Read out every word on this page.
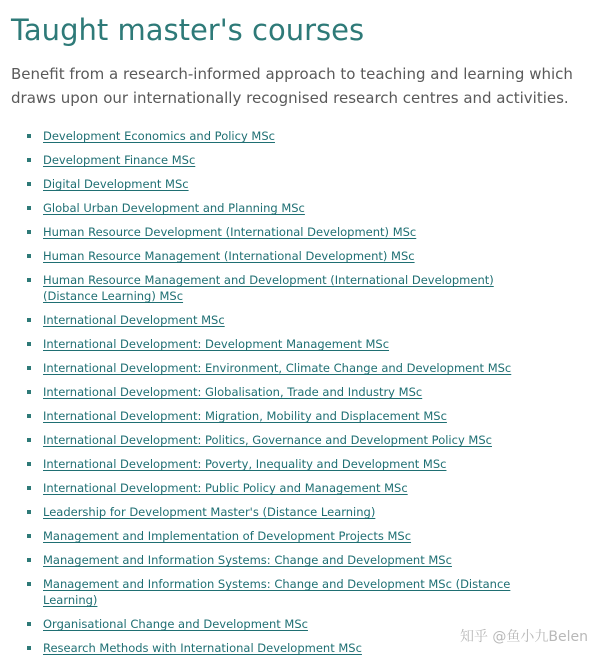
Taught master's courses

Benefit from a research-informed approach to teaching and learning which draws upon our internationally recognised research centres and activities.

Development Economics and Policy MSc
Development Finance MSc
Digital Development MSc
Global Urban Development and Planning MSc
Human Resource Development (International Development) MSc
Human Resource Management (International Development) MSc
Human Resource Management and Development (International Development) (Distance Learning) MSc
International Development MSc
International Development: Development Management MSc
International Development: Environment, Climate Change and Development MSc
International Development: Globalisation, Trade and Industry MSc
International Development: Migration, Mobility and Displacement MSc
International Development: Politics, Governance and Development Policy MSc
International Development: Poverty, Inequality and Development MSc
International Development: Public Policy and Management MSc
Leadership for Development Master's (Distance Learning)
Management and Implementation of Development Projects MSc
Management and Information Systems: Change and Development MSc
Management and Information Systems: Change and Development MSc (Distance Learning)
Organisational Change and Development MSc
Research Methods with International Development MSc
知乎 @鱼小九Belen
